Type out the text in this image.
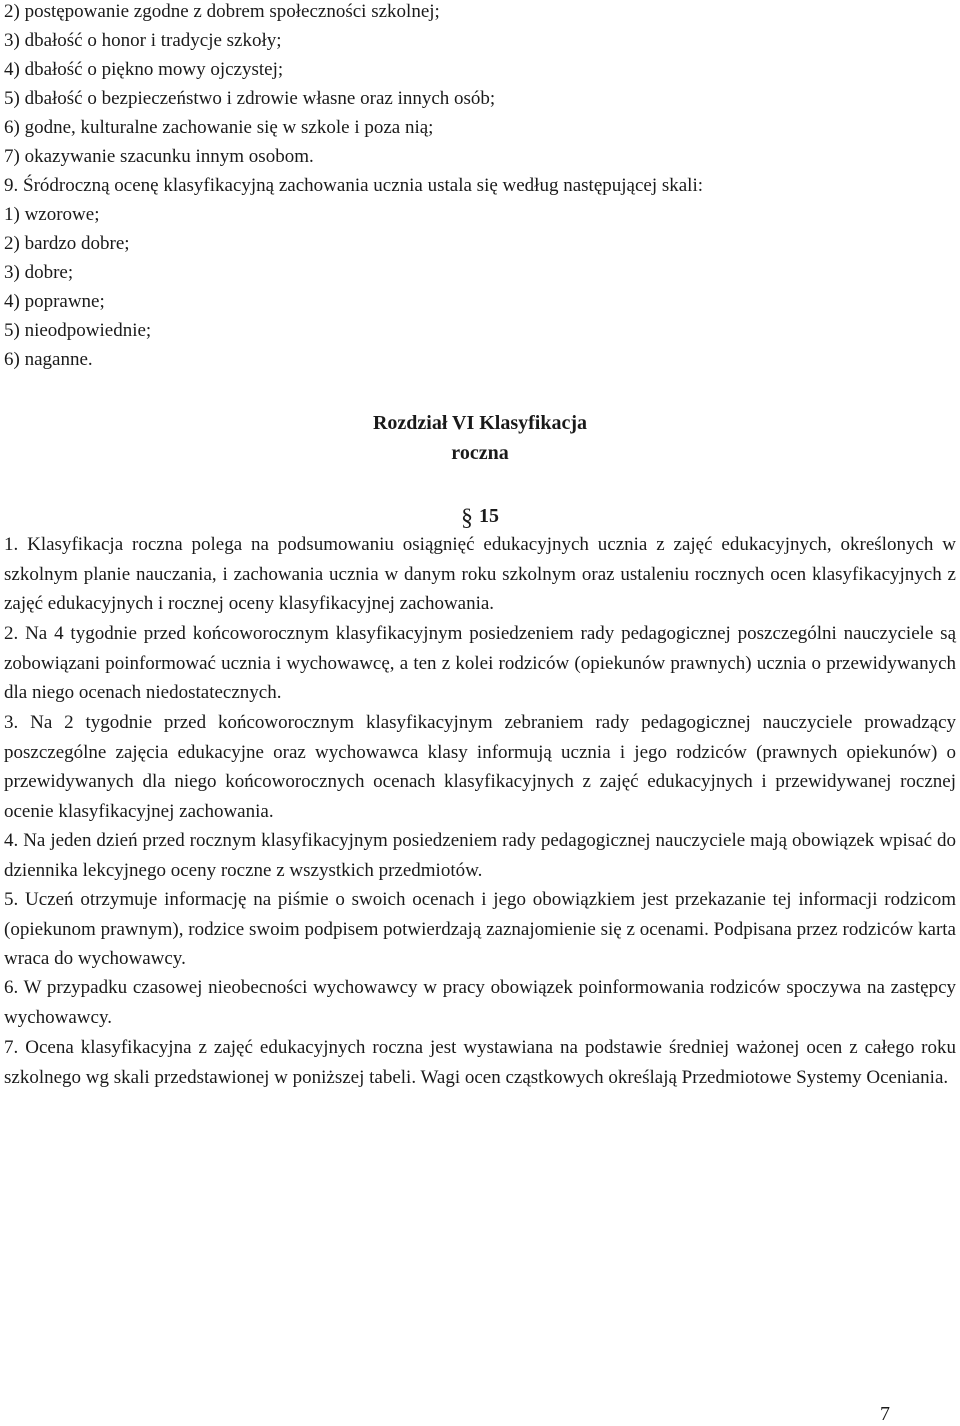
2) postępowanie zgodne z dobrem społeczności szkolnej;
3) dbałość o honor i tradycje szkoły;
4) dbałość o piękno mowy ojczystej;
5) dbałość o bezpieczeństwo i zdrowie własne oraz innych osób;
6) godne, kulturalne zachowanie się w szkole i poza nią;
7) okazywanie szacunku innym osobom.
9. Śródroczną ocenę klasyfikacyjną zachowania ucznia ustala się według następującej skali:
1) wzorowe;
2) bardzo dobre;
3) dobre;
4) poprawne;
5) nieodpowiednie;
6) naganne.
Rozdział VI Klasyfikacja
roczna
§ 15
1. Klasyfikacja roczna polega na podsumowaniu osiągnięć edukacyjnych ucznia z zajęć edukacyjnych, określonych w szkolnym planie nauczania, i zachowania ucznia w danym roku szkolnym oraz ustaleniu rocznych ocen klasyfikacyjnych z zajęć edukacyjnych i rocznej oceny klasyfikacyjnej zachowania.
2. Na 4 tygodnie przed końcoworocznym klasyfikacyjnym posiedzeniem rady pedagogicznej poszczególni nauczyciele są zobowiązani poinformować ucznia i wychowawcę, a ten z kolei rodziców (opiekunów prawnych) ucznia o przewidywanych dla niego ocenach niedostatecznych.
3. Na 2 tygodnie przed końcoworocznym klasyfikacyjnym zebraniem rady pedagogicznej nauczyciele prowadzący poszczególne zajęcia edukacyjne oraz wychowawca klasy informują ucznia i jego rodziców (prawnych opiekunów) o przewidywanych dla niego końcoworocznych ocenach klasyfikacyjnych z zajęć edukacyjnych i przewidywanej rocznej ocenie klasyfikacyjnej zachowania.
4. Na jeden dzień przed rocznym klasyfikacyjnym posiedzeniem rady pedagogicznej nauczyciele mają obowiązek wpisać do dziennika lekcyjnego oceny roczne z wszystkich przedmiotów.
5. Uczeń otrzymuje informację na piśmie o swoich ocenach i jego obowiązkiem jest przekazanie tej informacji rodzicom (opiekunom prawnym), rodzice swoim podpisem potwierdzają zaznajomienie się z ocenami. Podpisana przez rodziców karta wraca do wychowawcy.
6. W przypadku czasowej nieobecności wychowawcy w pracy obowiązek poinformowania rodziców spoczywa na zastępcy wychowawcy.
7. Ocena klasyfikacyjna z zajęć edukacyjnych roczna jest wystawiana na podstawie średniej ważonej ocen z całego roku szkolnego wg skali przedstawionej w poniższej tabeli. Wagi ocen cząstkowych określają Przedmiotowe Systemy Oceniania.
7
